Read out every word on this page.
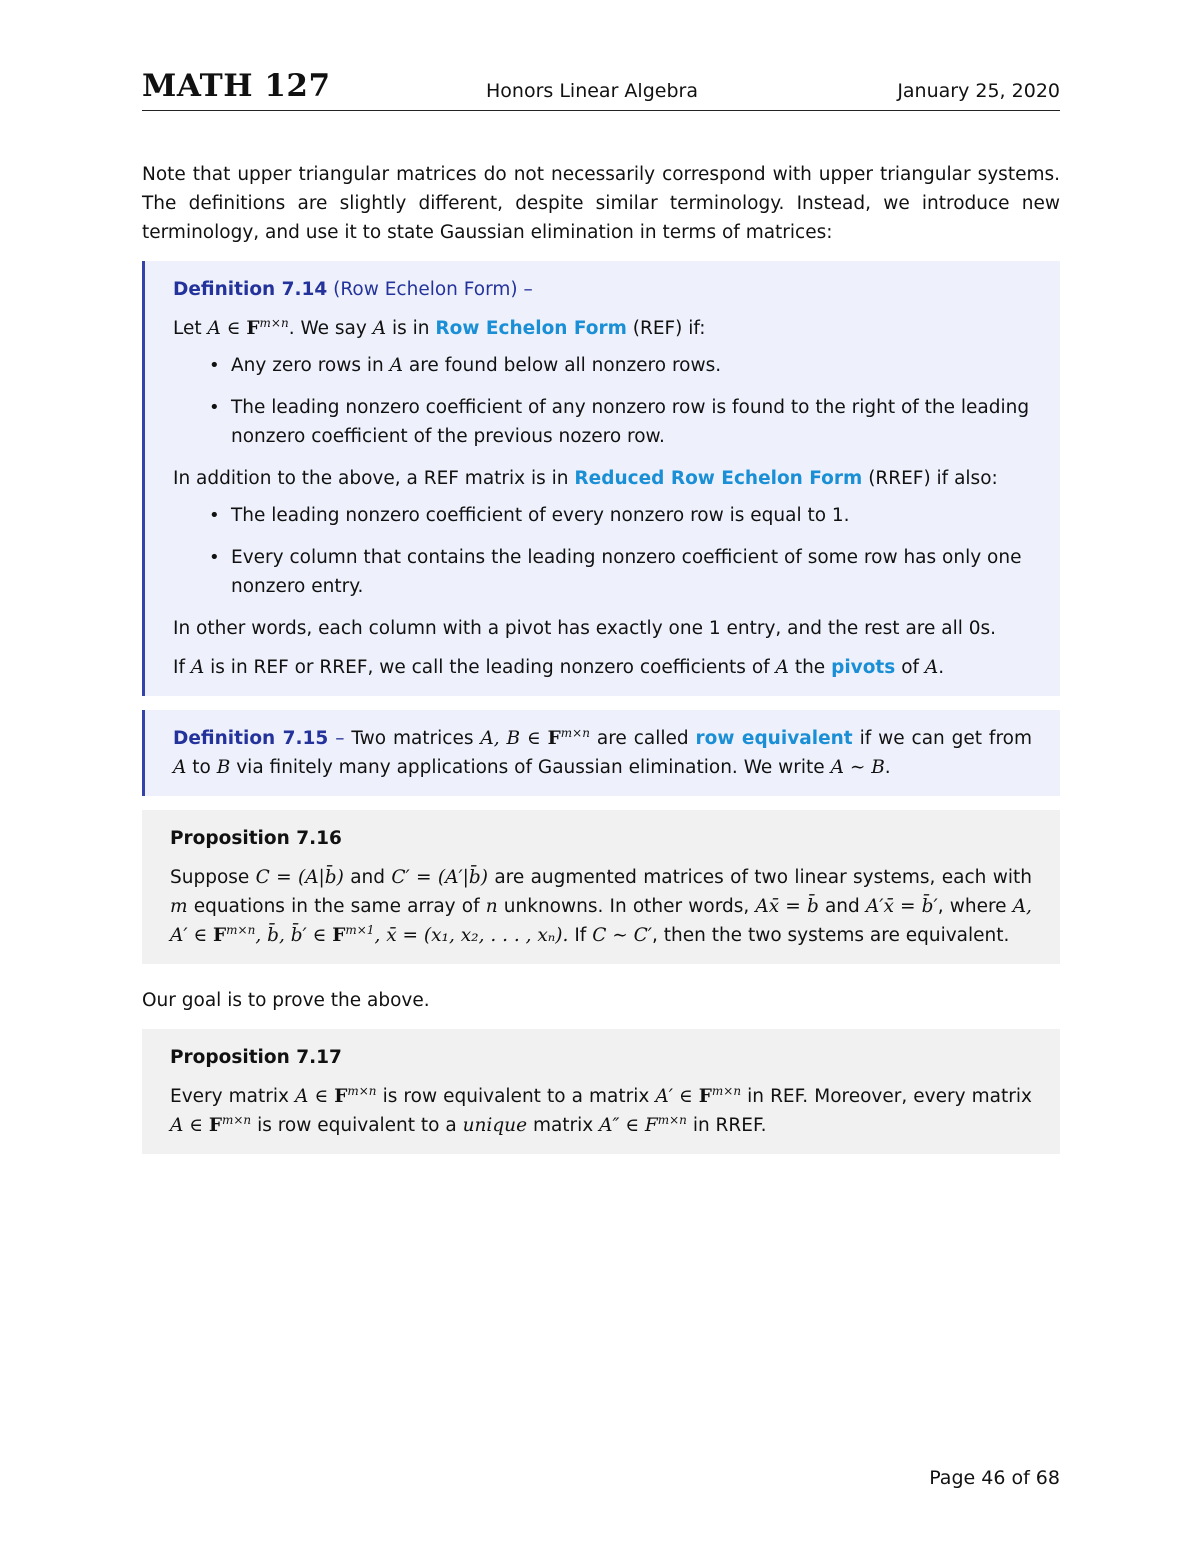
MATH 127	Honors Linear Algebra	January 25, 2020

Note that upper triangular matrices do not necessarily correspond with upper triangular systems. The definitions are slightly different, despite similar terminology. Instead, we introduce new terminology, and use it to state Gaussian elimination in terms of matrices:

Definition 7.14 (Row Echelon Form) –

Let A ∈ $F^{m\times n}$. We say A is in Row Echelon Form (REF) if:

• Any zero rows in A are found below all nonzero rows.
• The leading nonzero coefficient of any nonzero row is found to the right of the leading nonzero coefficient of the previous nozero row.

In addition to the above, a REF matrix is in Reduced Row Echelon Form (RREF) if also:

• The leading nonzero coefficient of every nonzero row is equal to 1.
• Every column that contains the leading nonzero coefficient of some row has only one nonzero entry.

In other words, each column with a pivot has exactly one 1 entry, and the rest are all 0s.

If A is in REF or RREF, we call the leading nonzero coefficients of A the pivots of A.

Definition 7.15 – Two matrices A, B ∈ $F^{m\times n}$ are called row equivalent if we can get from A to B via finitely many applications of Gaussian elimination. We write A ∼ B.

Proposition 7.16

Suppose C = (A|b̄) and C′ = (A′|b̄) are augmented matrices of two linear systems, each with m equations in the same array of n unknowns. In other words, Ax̄ = b̄ and A′x̄ = b̄′, where A, A′ ∈ $F^{m\times n}$, b̄, b̄′ ∈ $F^{m\times 1}$, x̄ = (x₁, x₂, . . . , xₙ). If C ∼ C′, then the two systems are equivalent.

Our goal is to prove the above.

Proposition 7.17

Every matrix A ∈ $F^{m\times n}$ is row equivalent to a matrix A′ ∈ $F^{m\times n}$ in REF. Moreover, every matrix A ∈ $F^{m\times n}$ is row equivalent to a unique matrix A″ ∈ $F^{m\times n}$ in RREF.

Page 46 of 68
